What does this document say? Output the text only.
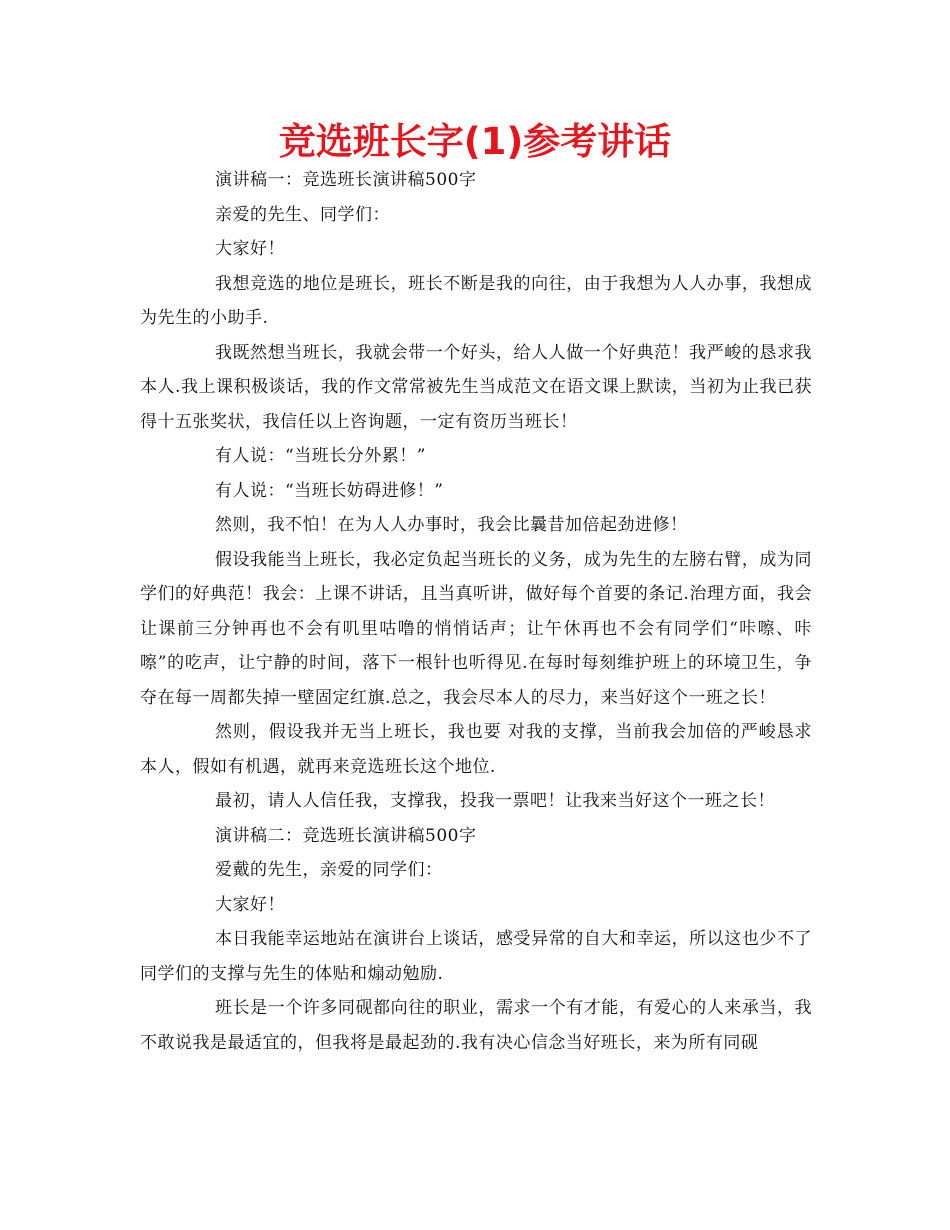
竞选班长字(1)参考讲话

演讲稿一：竞选班长演讲稿500字

亲爱的先生、同学们：

大家好！

我想竞选的地位是班长，班长不断是我的向往，由于我想为人人办事，我想成为先生的小助手.

我既然想当班长，我就会带一个好头，给人人做一个好典范！我严峻的恳求我本人.我上课积极谈话，我的作文常常被先生当成范文在语文课上默读，当初为止我已获得十五张奖状，我信任以上咨询题，一定有资历当班长！

有人说：“当班长分外累！”

有人说：“当班长妨碍进修！”

然则，我不怕！在为人人办事时，我会比曩昔加倍起劲进修！

假设我能当上班长，我必定负起当班长的义务，成为先生的左膀右臂，成为同学们的好典范！我会：上课不讲话，且当真听讲，做好每个首要的条记.治理方面，我会让课前三分钟再也不会有叽里咕噜的悄悄话声；让午休再也不会有同学们“咔嚓、咔嚓”的吃声，让宁静的时间，落下一根针也听得见.在每时每刻维护班上的环境卫生，争夺在每一周都失掉一壁固定红旗.总之，我会尽本人的尽力，来当好这个一班之长！

然则，假设我并无当上班长，我也要 对我的支撑，当前我会加倍的严峻恳求本人，假如有机遇，就再来竞选班长这个地位.

最初，请人人信任我，支撑我，投我一票吧！让我来当好这个一班之长！

演讲稿二：竞选班长演讲稿500字

爱戴的先生，亲爱的同学们：

大家好！

本日我能幸运地站在演讲台上谈话，感受异常的自大和幸运，所以这也少不了同学们的支撑与先生的体贴和煽动勉励.

班长是一个许多同砚都向往的职业，需求一个有才能，有爱心的人来承当，我不敢说我是最适宜的，但我将是最起劲的.我有决心信念当好班长，来为所有同砚
